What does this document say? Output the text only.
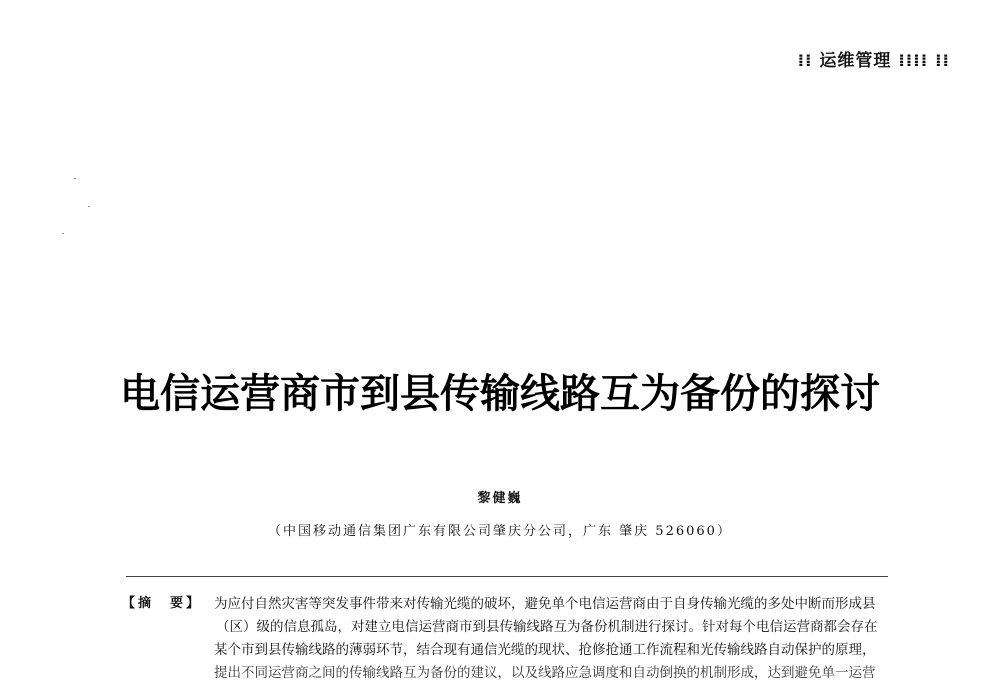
⁞⁞ 运维管理 ⁞⁞⁞⁞ ⁞⁞
电信运营商市到县传输线路互为备份的探讨
黎健巍
（中国移动通信集团广东有限公司肇庆分公司，广东 肇庆 526060）
【摘　要】 为应付自然灾害等突发事件带来对传输光缆的破坏，避免单个电信运营商由于自身传输光缆的多处中断而形成县
（区）级的信息孤岛，对建立电信运营商市到县传输线路互为备份机制进行探讨。针对每个电信运营商都会存在
某个市到县传输线路的薄弱环节，结合现有通信光缆的现状、抢修抢通工作流程和光传输线路自动保护的原理，
提出不同运营商之间的传输线路互为备份的建议，以及线路应急调度和自动倒换的机制形成，达到避免单一运营
